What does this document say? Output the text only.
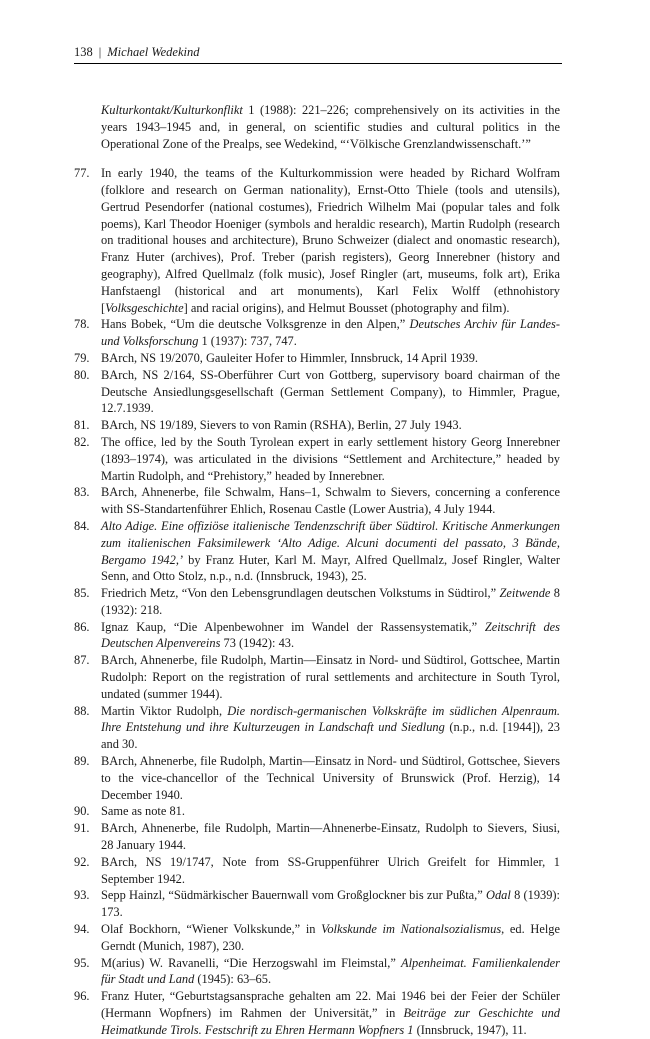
138 | Michael Wedekind

Kulturkontakt/Kulturkonflikt 1 (1988): 221–226; comprehensively on its activities in the years 1943–1945 and, in general, on scientific studies and cultural politics in the Operational Zone of the Prealps, see Wedekind, “‘Völkische Grenzlandwissenschaft.’”

77. In early 1940, the teams of the Kulturkommission were headed by Richard Wolfram (folklore and research on German nationality), Ernst-Otto Thiele (tools and utensils), Gertrud Pesendorfer (national costumes), Friedrich Wilhelm Mai (popular tales and folk poems), Karl Theodor Hoeniger (symbols and heraldic research), Martin Rudolph (research on traditional houses and architecture), Bruno Schweizer (dialect and onomastic research), Franz Huter (archives), Prof. Treber (parish registers), Georg Innerebner (history and geography), Alfred Quellmalz (folk music), Josef Ringler (art, museums, folk art), Erika Hanfstaengl (historical and art monuments), Karl Felix Wolff (ethnohistory [Volksgeschichte] and racial origins), and Helmut Bousset (photography and film).
78. Hans Bobek, “Um die deutsche Volksgrenze in den Alpen,” Deutsches Archiv für Landes- und Volksforschung 1 (1937): 737, 747.
79. BArch, NS 19/2070, Gauleiter Hofer to Himmler, Innsbruck, 14 April 1939.
80. BArch, NS 2/164, SS-Oberführer Curt von Gottberg, supervisory board chairman of the Deutsche Ansiedlungsgesellschaft (German Settlement Company), to Himmler, Prague, 12.7.1939.
81. BArch, NS 19/189, Sievers to von Ramin (RSHA), Berlin, 27 July 1943.
82. The office, led by the South Tyrolean expert in early settlement history Georg Innerebner (1893–1974), was articulated in the divisions “Settlement and Architecture,” headed by Martin Rudolph, and “Prehistory,” headed by Innerebner.
83. BArch, Ahnenerbe, file Schwalm, Hans–1, Schwalm to Sievers, concerning a conference with SS-Standartenführer Ehlich, Rosenau Castle (Lower Austria), 4 July 1944.
84. Alto Adige. Eine offiziöse italienische Tendenzschrift über Südtirol. Kritische Anmerkungen zum italienischen Faksimilewerk ‘Alto Adige. Alcuni documenti del passato, 3 Bände, Bergamo 1942,’ by Franz Huter, Karl M. Mayr, Alfred Quellmalz, Josef Ringler, Walter Senn, and Otto Stolz, n.p., n.d. (Innsbruck, 1943), 25.
85. Friedrich Metz, “Von den Lebensgrundlagen deutschen Volkstums in Südtirol,” Zeitwende 8 (1932): 218.
86. Ignaz Kaup, “Die Alpenbewohner im Wandel der Rassensystematik,” Zeitschrift des Deutschen Alpenvereins 73 (1942): 43.
87. BArch, Ahnenerbe, file Rudolph, Martin—Einsatz in Nord- und Südtirol, Gottschee, Martin Rudolph: Report on the registration of rural settlements and architecture in South Tyrol, undated (summer 1944).
88. Martin Viktor Rudolph, Die nordisch-germanischen Volkskräfte im südlichen Alpenraum. Ihre Entstehung und ihre Kulturzeugen in Landschaft und Siedlung (n.p., n.d. [1944]), 23 and 30.
89. BArch, Ahnenerbe, file Rudolph, Martin—Einsatz in Nord- und Südtirol, Gottschee, Sievers to the vice-chancellor of the Technical University of Brunswick (Prof. Herzig), 14 December 1940.
90. Same as note 81.
91. BArch, Ahnenerbe, file Rudolph, Martin—Ahnenerbe-Einsatz, Rudolph to Sievers, Siusi, 28 January 1944.
92. BArch, NS 19/1747, Note from SS-Gruppenführer Ulrich Greifelt for Himmler, 1 September 1942.
93. Sepp Hainzl, “Südmärkischer Bauernwall vom Großglockner bis zur Pußta,” Odal 8 (1939): 173.
94. Olaf Bockhorn, “Wiener Volkskunde,” in Volkskunde im Nationalsozialismus, ed. Helge Gerndt (Munich, 1987), 230.
95. M(arius) W. Ravanelli, “Die Herzogswahl im Fleimstal,” Alpenheimat. Familienkalender für Stadt und Land (1945): 63–65.
96. Franz Huter, “Geburtstagsansprache gehalten am 22. Mai 1946 bei der Feier der Schüler (Hermann Wopfners) im Rahmen der Universität,” in Beiträge zur Geschichte und Heimatkunde Tirols. Festschrift zu Ehren Hermann Wopfners 1 (Innsbruck, 1947), 11.
